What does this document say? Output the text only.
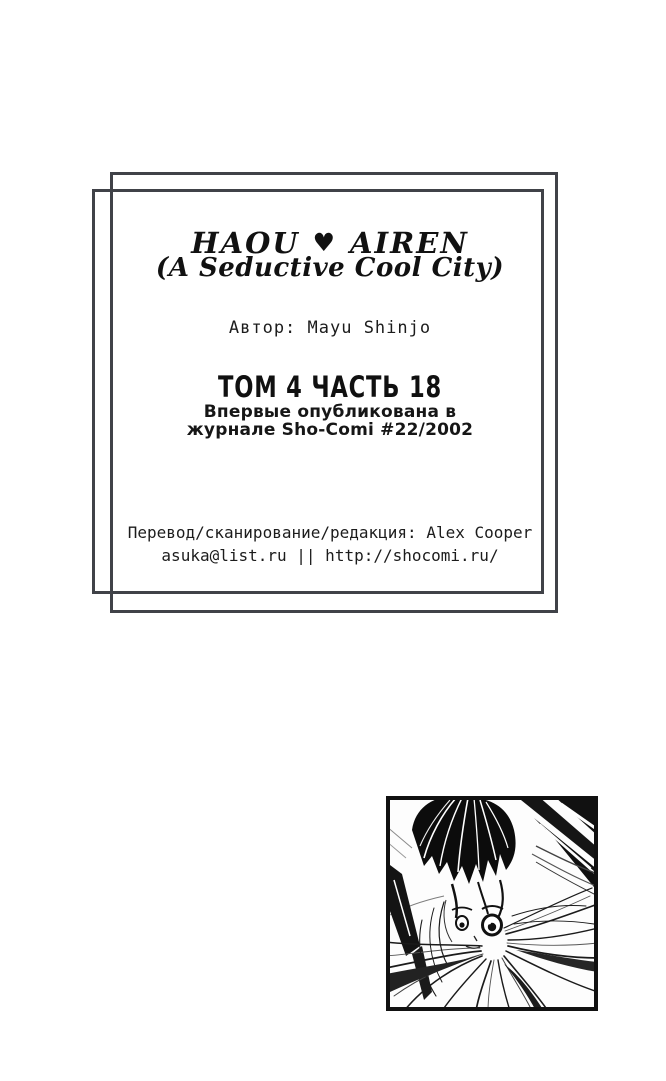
HAOU ♥ AIREN
(A Seductive Cool City)
Автор: Mayu Shinjo
ТОМ 4 ЧАСТЬ 18
Впервые опубликована в
журнале Sho-Comi #22/2002
Перевод/сканирование/редакция: Alex Cooper
asuka@list.ru || http://shocomi.ru/
